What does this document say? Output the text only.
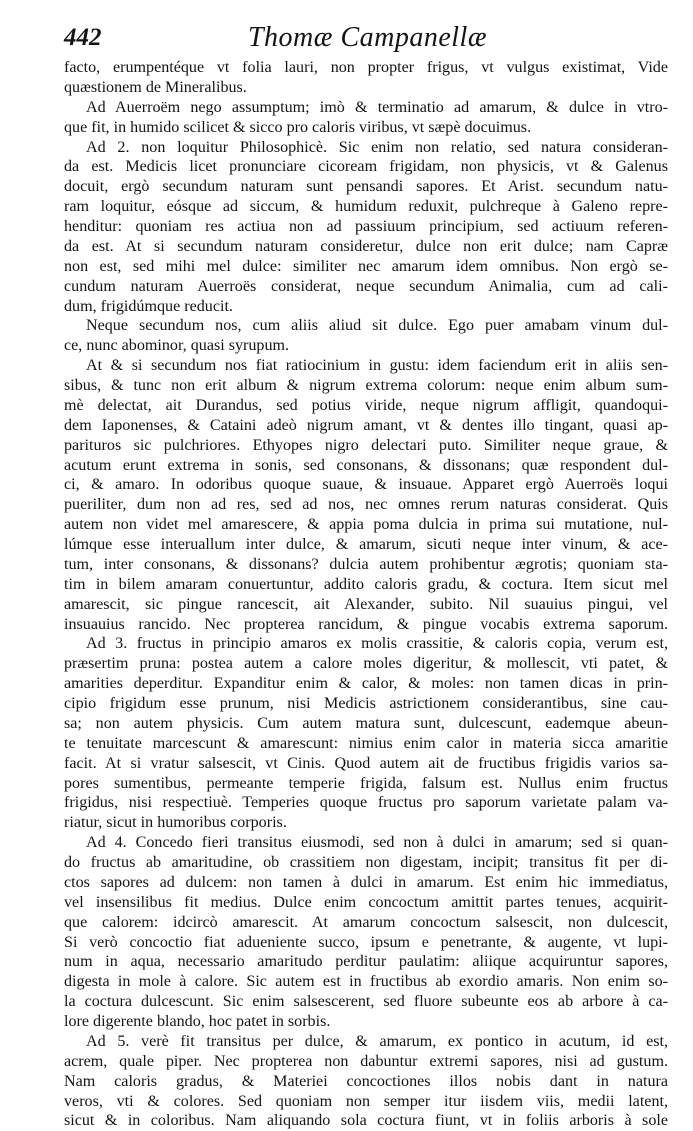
442	Thomæ Campanellæ
facto, erumpentéque vt folia lauri, non propter frigus, vt vulgus existimat, Vide
quæstionem de Mineralibus.
Ad Auerroëm nego assumptum; imò & terminatio ad amarum, & dulce in vtro-
que fit, in humido scilicet & sicco pro caloris viribus, vt sæpè docuimus.
Ad 2. non loquitur Philosophicè. Sic enim non relatio, sed natura consideran-
da est. Medicis licet pronunciare cicoream frigidam, non physicis, vt & Galenus
docuit, ergò secundum naturam sunt pensandi sapores. Et Arist. secundum natu-
ram loquitur, eósque ad siccum, & humidum reduxit, pulchreque à Galeno repre-
henditur: quoniam res actiua non ad passiuum principium, sed actiuum referen-
da est. At si secundum naturam consideretur, dulce non erit dulce; nam Capræ
non est, sed mihi mel dulce: similiter nec amarum idem omnibus. Non ergò se-
cundum naturam Auerroës considerat, neque secundum Animalia, cum ad cali-
dum, frigidúmque reducit.
Neque secundum nos, cum aliis aliud sit dulce. Ego puer amabam vinum dul-
ce, nunc abominor, quasi syrupum.
At & si secundum nos fiat ratiocinium in gustu: idem faciendum erit in aliis sen-
sibus, & tunc non erit album & nigrum extrema colorum: neque enim album sum-
mè delectat, ait Durandus, sed potius viride, neque nigrum affligit, quandoqui-
dem Iaponenses, & Cataini adeò nigrum amant, vt & dentes illo tingant, quasi ap-
parituros sic pulchriores. Ethyopes nigro delectari puto. Similiter neque graue, &
acutum erunt extrema in sonis, sed consonans, & dissonans; quæ respondent dul-
ci, & amaro. In odoribus quoque suaue, & insuaue. Apparet ergò Auerroës loqui
pueriliter, dum non ad res, sed ad nos, nec omnes rerum naturas considerat. Quis
autem non videt mel amarescere, & appia poma dulcia in prima sui mutatione, nul-
lúmque esse interuallum inter dulce, & amarum, sicuti neque inter vinum, & ace-
tum, inter consonans, & dissonans? dulcia autem prohibentur ægrotis; quoniam sta-
tim in bilem amaram conuertuntur, addito caloris gradu, & coctura. Item sicut mel
amarescit, sic pingue rancescit, ait Alexander, subito. Nil suauius pingui, vel
insuauius rancido. Nec propterea rancidum, & pingue vocabis extrema saporum.
Ad 3. fructus in principio amaros ex molis crassitie, & caloris copia, verum est,
præsertim pruna: postea autem a calore moles digeritur, & mollescit, vti patet, &
amarities deperditur. Expanditur enim & calor, & moles: non tamen dicas in prin-
cipio frigidum esse prunum, nisi Medicis astrictionem considerantibus, sine cau-
sa; non autem physicis. Cum autem matura sunt, dulcescunt, eademque abeun-
te tenuitate marcescunt & amarescunt: nimius enim calor in materia sicca amaritie
facit. At si vratur salsescit, vt Cinis. Quod autem ait de fructibus frigidis varios sa-
pores sumentibus, permeante temperie frigida, falsum est. Nullus enim fructus
frigidus, nisi respectiuè. Temperies quoque fructus pro saporum varietate palam va-
riatur, sicut in humoribus corporis.
Ad 4. Concedo fieri transitus eiusmodi, sed non à dulci in amarum; sed si quan-
do fructus ab amaritudine, ob crassitiem non digestam, incipit; transitus fit per di-
ctos sapores ad dulcem: non tamen à dulci in amarum. Est enim hic immediatus,
vel insensilibus fit medius. Dulce enim concoctum amittit partes tenues, acquirit-
que calorem: idcircò amarescit. At amarum concoctum salsescit, non dulcescit,
Si verò concoctio fiat adueniente succo, ipsum e penetrante, & augente, vt lupi-
num in aqua, necessario amaritudo perditur paulatim: aliique acquiruntur sapores,
digesta in mole à calore. Sic autem est in fructibus ab exordio amaris. Non enim so-
la coctura dulcescunt. Sic enim salsescerent, sed fluore subeunte eos ab arbore à ca-
lore digerente blando, hoc patet in sorbis.
Ad 5. verè fit transitus per dulce, & amarum, ex pontico in acutum, id est,
acrem, quale piper. Nec propterea non dabuntur extremi sapores, nisi ad gustum.
Nam caloris gradus, & Materiei concoctiones illos nobis dant in natura
veros, vti & colores. Sed quoniam non semper itur iisdem viis, medii latent,
sicut & in coloribus. Nam aliquando sola coctura fiunt, vt in foliis arboris à sole
